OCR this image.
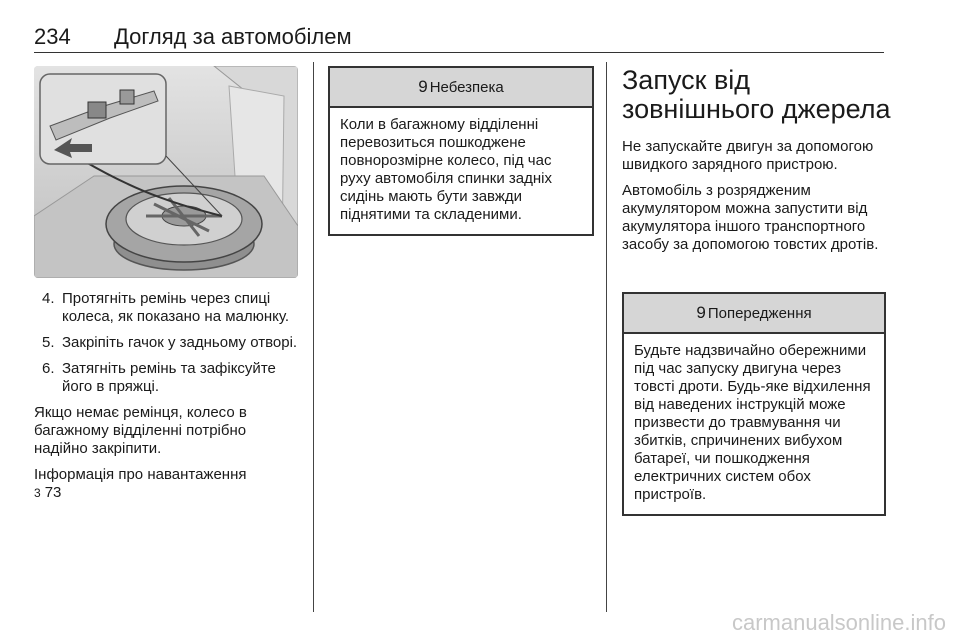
234 Догляд за автомобілем
4. Протягніть ремінь через спиці колеса, як показано на малюнку.
5. Закріпіть гачок у задньому отворі.
6. Затягніть ремінь та зафіксуйте його в пряжці.

Якщо немає ремінця, колесо в багажному відділенні потрібно надійно закріпити.

Інформація про навантаження

3 73

9 Небезпека
Коли в багажному відділенні перевозиться пошкоджене повнорозмірне колесо, під час руху автомобіля спинки задніх сидінь мають бути завжди піднятими та складеними.
Запуск від зовнішнього джерела

Не запускайте двигун за допомогою швидкого зарядного пристрою.

Автомобіль з розрядженим акумулятором можна запустити від акумулятора іншого транспортного засобу за допомогою товстих дротів.

9 Попередження
Будьте надзвичайно обережними під час запуску двигуна через товсті дроти. Будь-яке відхилення від наведених інструкцій може призвести до травмування чи збитків, спричинених вибухом батареї, чи пошкодження електричних систем обох пристроїв.
carmanualsonline.info
